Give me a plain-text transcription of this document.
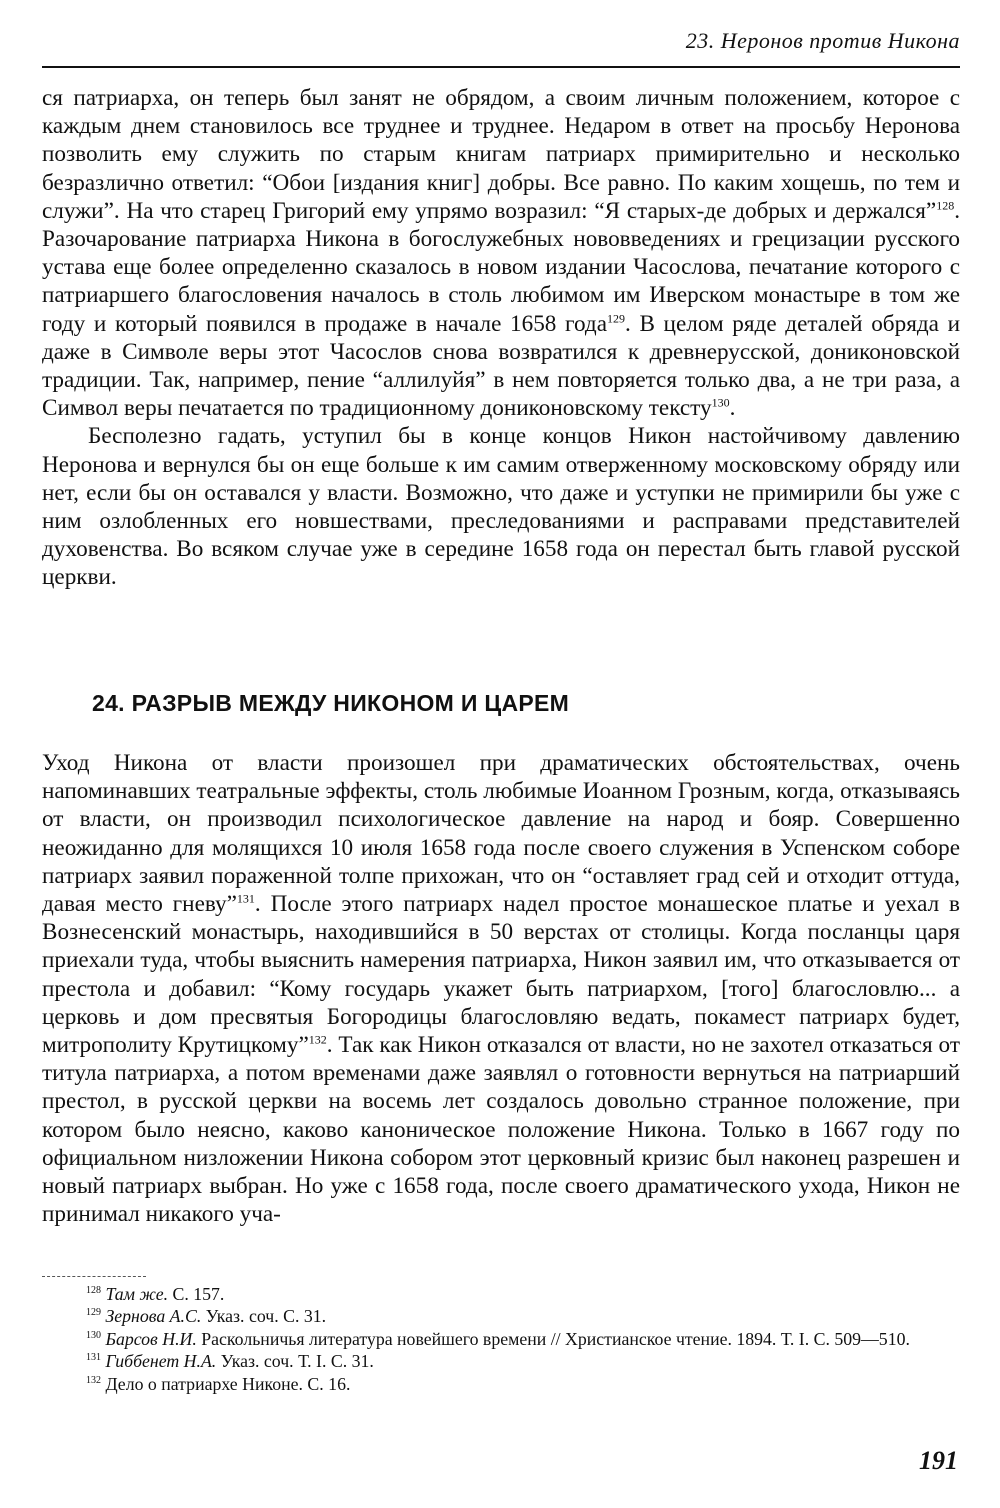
23. Неронов против Никона

ся патриарха, он теперь был занят не обрядом, а своим личным положением, которое с каждым днем становилось все труднее и труднее. Недаром в ответ на просьбу Неронова позволить ему служить по старым книгам патриарх примирительно и несколько безразлично ответил: “Обои [издания книг] добры. Все равно. По каким хощешь, по тем и служи”. На что старец Григорий ему упрямо возразил: “Я старых-де добрых и держался”$^{128}$. Разочарование патриарха Никона в богослужебных нововведениях и грецизации русского устава еще более определенно сказалось в новом издании Часослова, печатание которого с патриаршего благословения началось в столь любимом им Иверском монастыре в том же году и который появился в продаже в начале 1658 года$^{129}$. В целом ряде деталей обряда и даже в Символе веры этот Часослов снова возвратился к древнерусской, дониконовской традиции. Так, например, пение “аллилуйя” в нем повторяется только два, а не три раза, а Символ веры печатается по традиционному дониконовскому тексту$^{130}$.

Бесполезно гадать, уступил бы в конце концов Никон настойчивому давлению Неронова и вернулся бы он еще больше к им самим отверженному московскому обряду или нет, если бы он оставался у власти. Возможно, что даже и уступки не примирили бы уже с ним озлобленных его новшествами, преследованиями и расправами представителей духовенства. Во всяком случае уже в середине 1658 года он перестал быть главой русской церкви.

24. РАЗРЫВ МЕЖДУ НИКОНОМ И ЦАРЕМ

Уход Никона от власти произошел при драматических обстоятельствах, очень напоминавших театральные эффекты, столь любимые Иоанном Грозным, когда, отказываясь от власти, он производил психологическое давление на народ и бояр. Совершенно неожиданно для молящихся 10 июля 1658 года после своего служения в Успенском соборе патриарх заявил пораженной толпе прихожан, что он “оставляет град сей и отходит оттуда, давая место гневу”$^{131}$. После этого патриарх надел простое монашеское платье и уехал в Вознесенский монастырь, находившийся в 50 верстах от столицы. Когда посланцы царя приехали туда, чтобы выяснить намерения патриарха, Никон заявил им, что отказывается от престола и добавил: “Кому государь укажет быть патриархом, [того] благословлю... а церковь и дом пресвятыя Богородицы благословляю ведать, покамест патриарх будет, митрополиту Крутицкому”$^{132}$. Так как Никон отказался от власти, но не захотел отказаться от титула патриарха, а потом временами даже заявлял о готовности вернуться на патриарший престол, в русской церкви на восемь лет создалось довольно странное положение, при котором было неясно, каково каноническое положение Никона. Только в 1667 году по официальном низложении Никона собором этот церковный кризис был наконец разрешен и новый патриарх выбран. Но уже с 1658 года, после своего драматического ухода, Никон не принимал никакого уча-

$^{128}$ Там же. С. 157.

$^{129}$ Зернова А.С. Указ. соч. С. 31.

$^{130}$ Барсов Н.И. Раскольничья литература новейшего времени // Христианское чтение. 1894. Т. I. С. 509—510.

$^{131}$ Гиббенет Н.А. Указ. соч. Т. I. С. 31.

$^{132}$ Дело о патриархе Никоне. С. 16.

191
